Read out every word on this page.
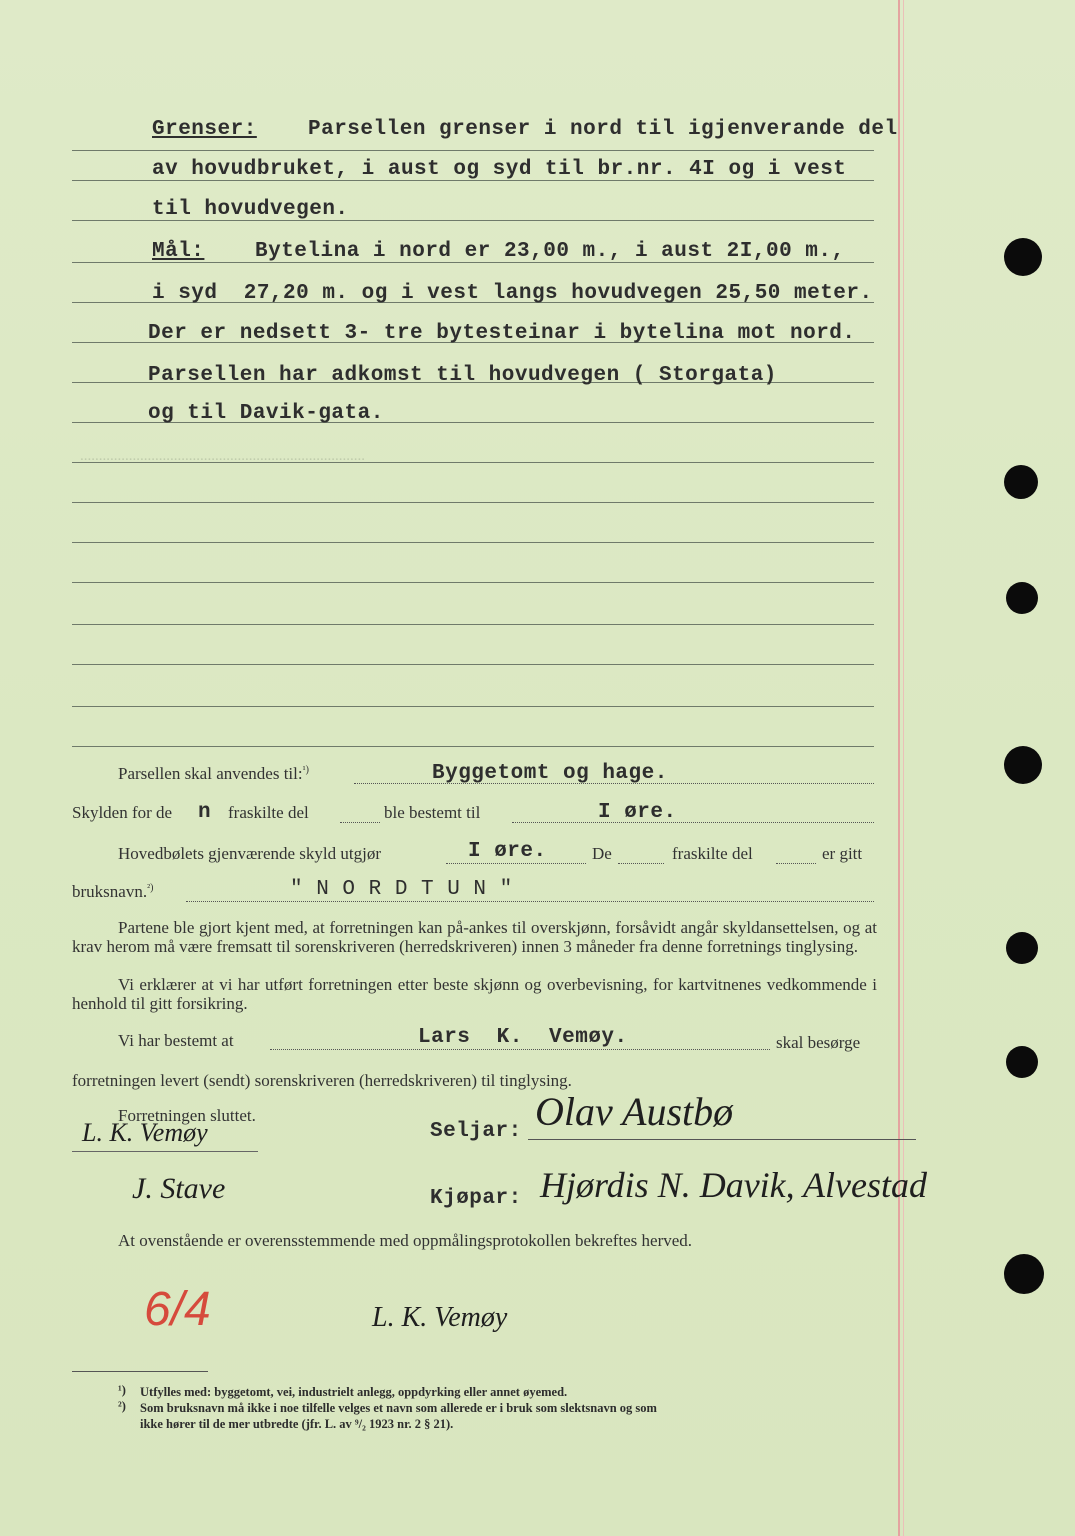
Grenser: Parsellen grenser i nord til igjenverande del
av hovudbruket, i aust og syd til br.nr. 4I og i vest
til hovudvegen.
Mål: Bytelina i nord er 23,00 m., i aust 2I,00 m.,
i syd  27,20 m. og i vest langs hovudvegen 25,50 meter.
Der er nedsett 3- tre bytesteinar i bytelina mot nord.
Parsellen har adkomst til hovudvegen ( Storgata)
og til Davik-gata.
............................................................................
Parsellen skal anvendes til:$^{^1)}$	Byggetomt og hage.
Skylden for de n fraskilte del	ble bestemt til	I øre.
Hovedbølets gjenværende skyld utgjør	I øre.	De	fraskilte del	er gitt
bruksnavn.$^{^2)}$	" N O R D T U N "
Partene ble gjort kjent med, at forretningen kan på-ankes til overskjønn, forsåvidt angår skyldansettelsen, og at krav herom må være fremsatt til sorenskriveren (herredskriveren) innen 3 måneder fra denne forretnings tinglysing.
Vi erklærer at vi har utført forretningen etter beste skjønn og overbevisning, for kartvitnenes vedkommende i henhold til gitt forsikring.
Vi har bestemt at	Lars  K.  Vemøy.	skal besørge
forretningen levert (sendt) sorenskriveren (herredskriveren) til tinglysing.
Forretningen sluttet.
Seljar: Olav Austbø
L. K. Vemøy
J. Stave	Kjøpar: Hjørdis N. Davik, Alvestad
At ovenstående er overensstemmende med oppmålingsprotokollen bekreftes herved.
6/4	L. K. Vemøy
¹) Utfylles med: byggetomt, vei, industrielt anlegg, oppdyrking eller annet øyemed.
²) Som bruksnavn må ikke i noe tilfelle velges et navn som allerede er i bruk som slektsnavn og som
ikke hører til de mer utbredte (jfr. L. av ⁹/₂ 1923 nr. 2 § 21).
